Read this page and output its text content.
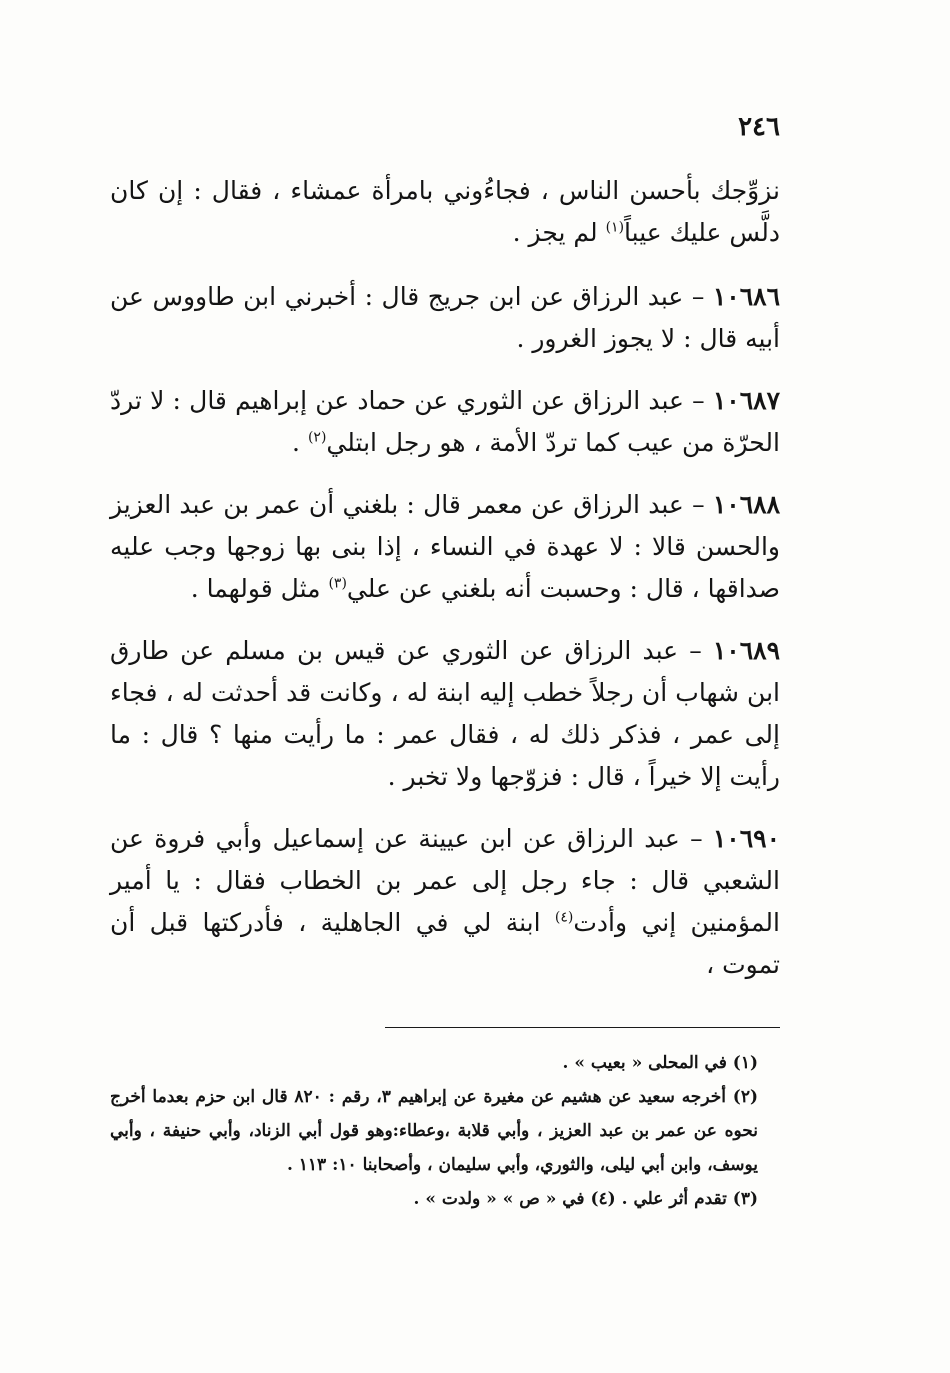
٢٤٦

نزوِّجك بأحسن الناس ، فجاءُوني بامرأة عمشاء ، فقال : إن كان دلَّس عليك عيباً$^{(١)}$ لم يجز .

١٠٦٨٦ – عبد الرزاق عن ابن جريج قال : أخبرني ابن طاووس عن أبيه قال : لا يجوز الغرور .

١٠٦٨٧ – عبد الرزاق عن الثوري عن حماد عن إبراهيم قال : لا تردّ الحرّة من عيب كما تردّ الأمة ، هو رجل ابتلي$^{(٢)}$ .

١٠٦٨٨ – عبد الرزاق عن معمر قال : بلغني أن عمر بن عبد العزيز والحسن قالا : لا عهدة في النساء ، إذا بنى بها زوجها وجب عليه صداقها ، قال : وحسبت أنه بلغني عن علي$^{(٣)}$ مثل قولهما .

١٠٦٨٩ – عبد الرزاق عن الثوري عن قيس بن مسلم عن طارق ابن شهاب أن رجلاً خطب إليه ابنة له ، وكانت قد أحدثت له ، فجاء إلى عمر ، فذكر ذلك له ، فقال عمر : ما رأيت منها ؟ قال : ما رأيت إلا خيراً ، قال : فزوّجها ولا تخبر .

١٠٦٩٠ – عبد الرزاق عن ابن عيينة عن إسماعيل وأبي فروة عن الشعبي قال : جاء رجل إلى عمر بن الخطاب فقال : يا أمير المؤمنين إني وأدت$^{(٤)}$ ابنة لي في الجاهلية ، فأدركتها قبل أن تموت ،

(١) في المحلى « بعيب » .

(٢) أخرجه سعيد عن هشيم عن مغيرة عن إبراهيم ٣، رقم : ٨٢٠ قال ابن حزم بعدما أخرج نحوه عن عمر بن عبد العزيز ، وأبي قلابة ،وعطاء:وهو قول أبي الزناد، وأبي حنيفة ، وأبي يوسف، وابن أبي ليلى، والثوري، وأبي سليمان ، وأصحابنا ١٠: ١١٣ .

(٣) تقدم أثر علي . (٤) في « ص » « ولدت » .
